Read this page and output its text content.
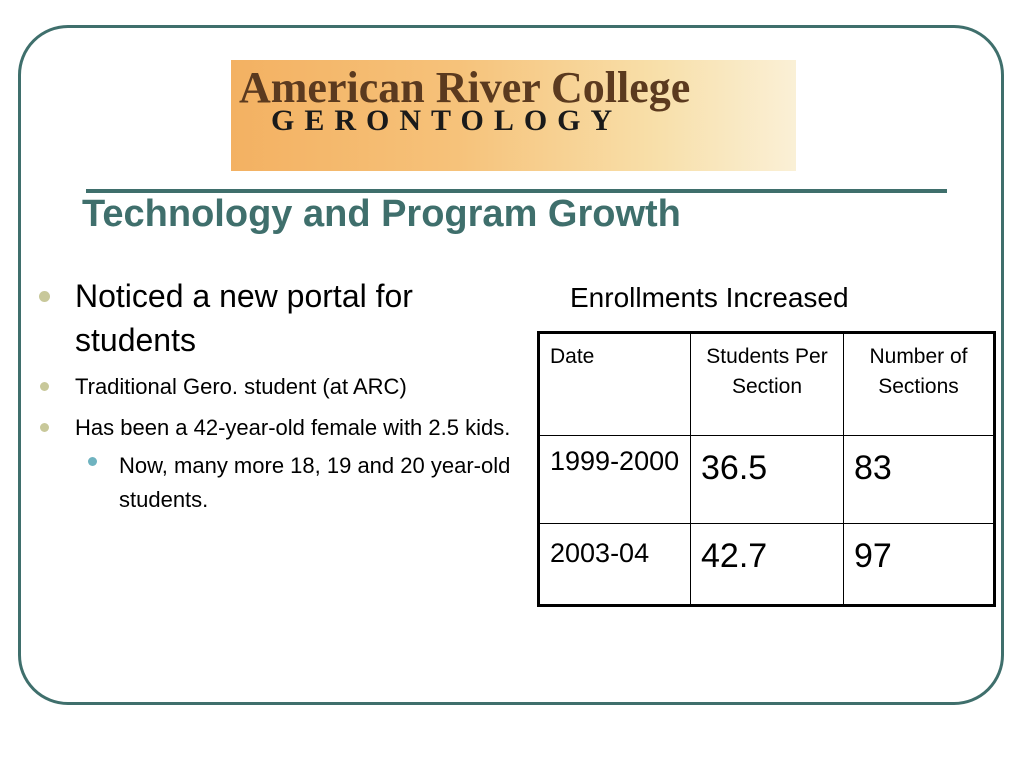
American River College
GERONTOLOGY
Technology and Program Growth
Noticed a new portal for students
Traditional Gero. student (at ARC)
Has been a 42-year-old female with 2.5 kids.
Now, many more 18, 19 and 20 year-old students.
Enrollments Increased
Date	Students Per Section	Number of Sections
1999-2000	36.5	83
2003-04	42.7	97
